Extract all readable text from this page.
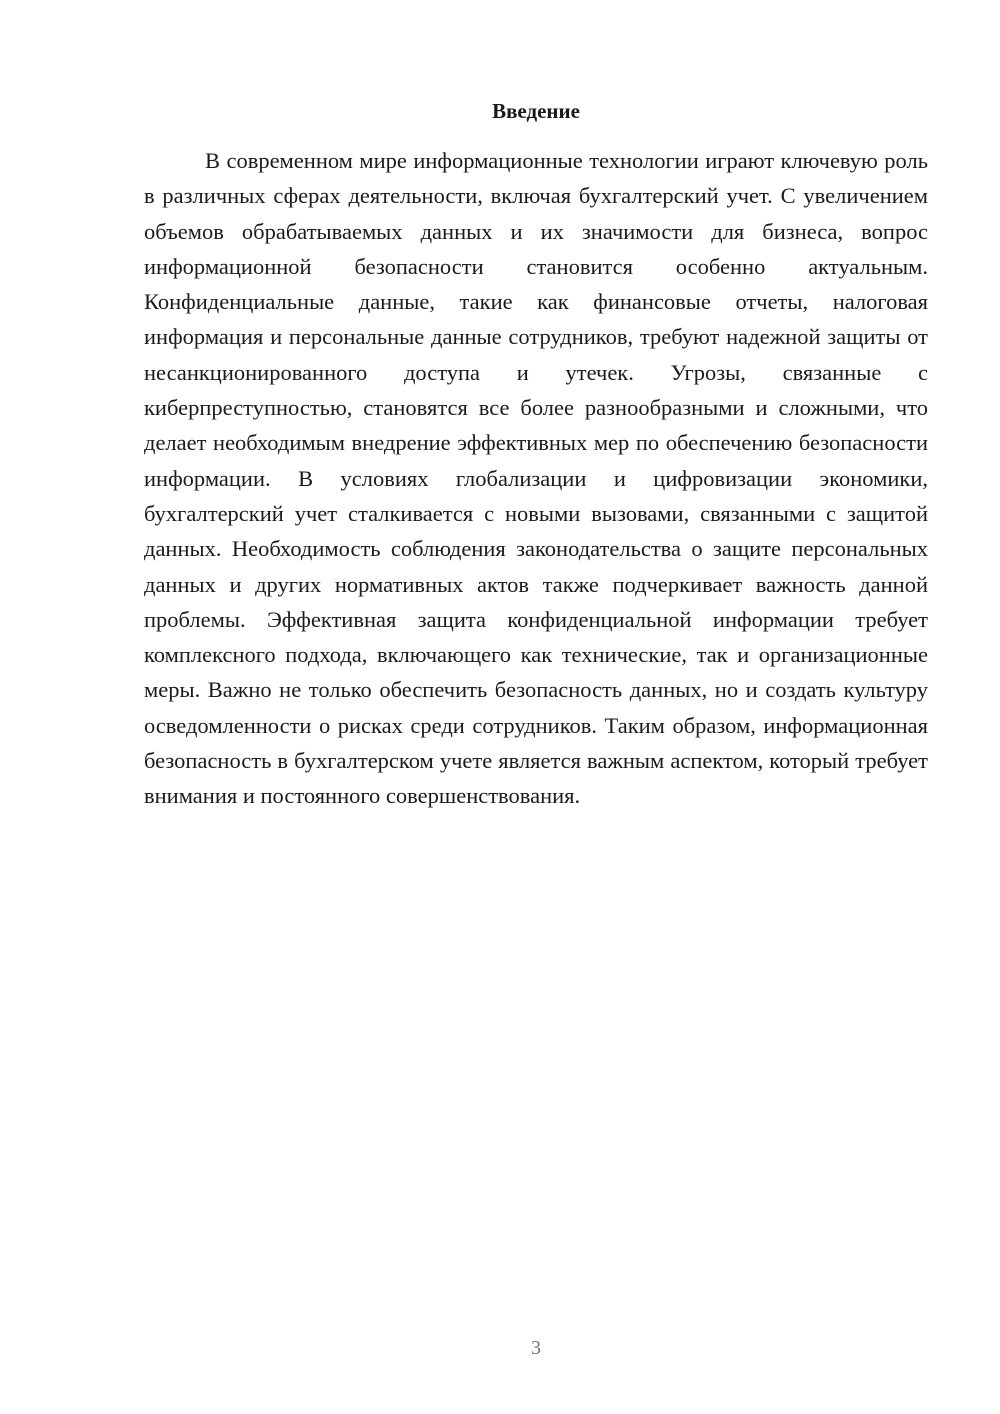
Введение

В современном мире информационные технологии играют ключевую роль в различных сферах деятельности, включая бухгалтерский учет. С увеличением объемов обрабатываемых данных и их значимости для бизнеса, вопрос информационной безопасности становится особенно актуальным. Конфиденциальные данные, такие как финансовые отчеты, налоговая информация и персональные данные сотрудников, требуют надежной защиты от несанкционированного доступа и утечек. Угрозы, связанные с киберпреступностью, становятся все более разнообразными и сложными, что делает необходимым внедрение эффективных мер по обеспечению безопасности информации. В условиях глобализации и цифровизации экономики, бухгалтерский учет сталкивается с новыми вызовами, связанными с защитой данных. Необходимость соблюдения законодательства о защите персональных данных и других нормативных актов также подчеркивает важность данной проблемы. Эффективная защита конфиденциальной информации требует комплексного подхода, включающего как технические, так и организационные меры. Важно не только обеспечить безопасность данных, но и создать культуру осведомленности о рисках среди сотрудников. Таким образом, информационная безопасность в бухгалтерском учете является важным аспектом, который требует внимания и постоянного совершенствования.

3
